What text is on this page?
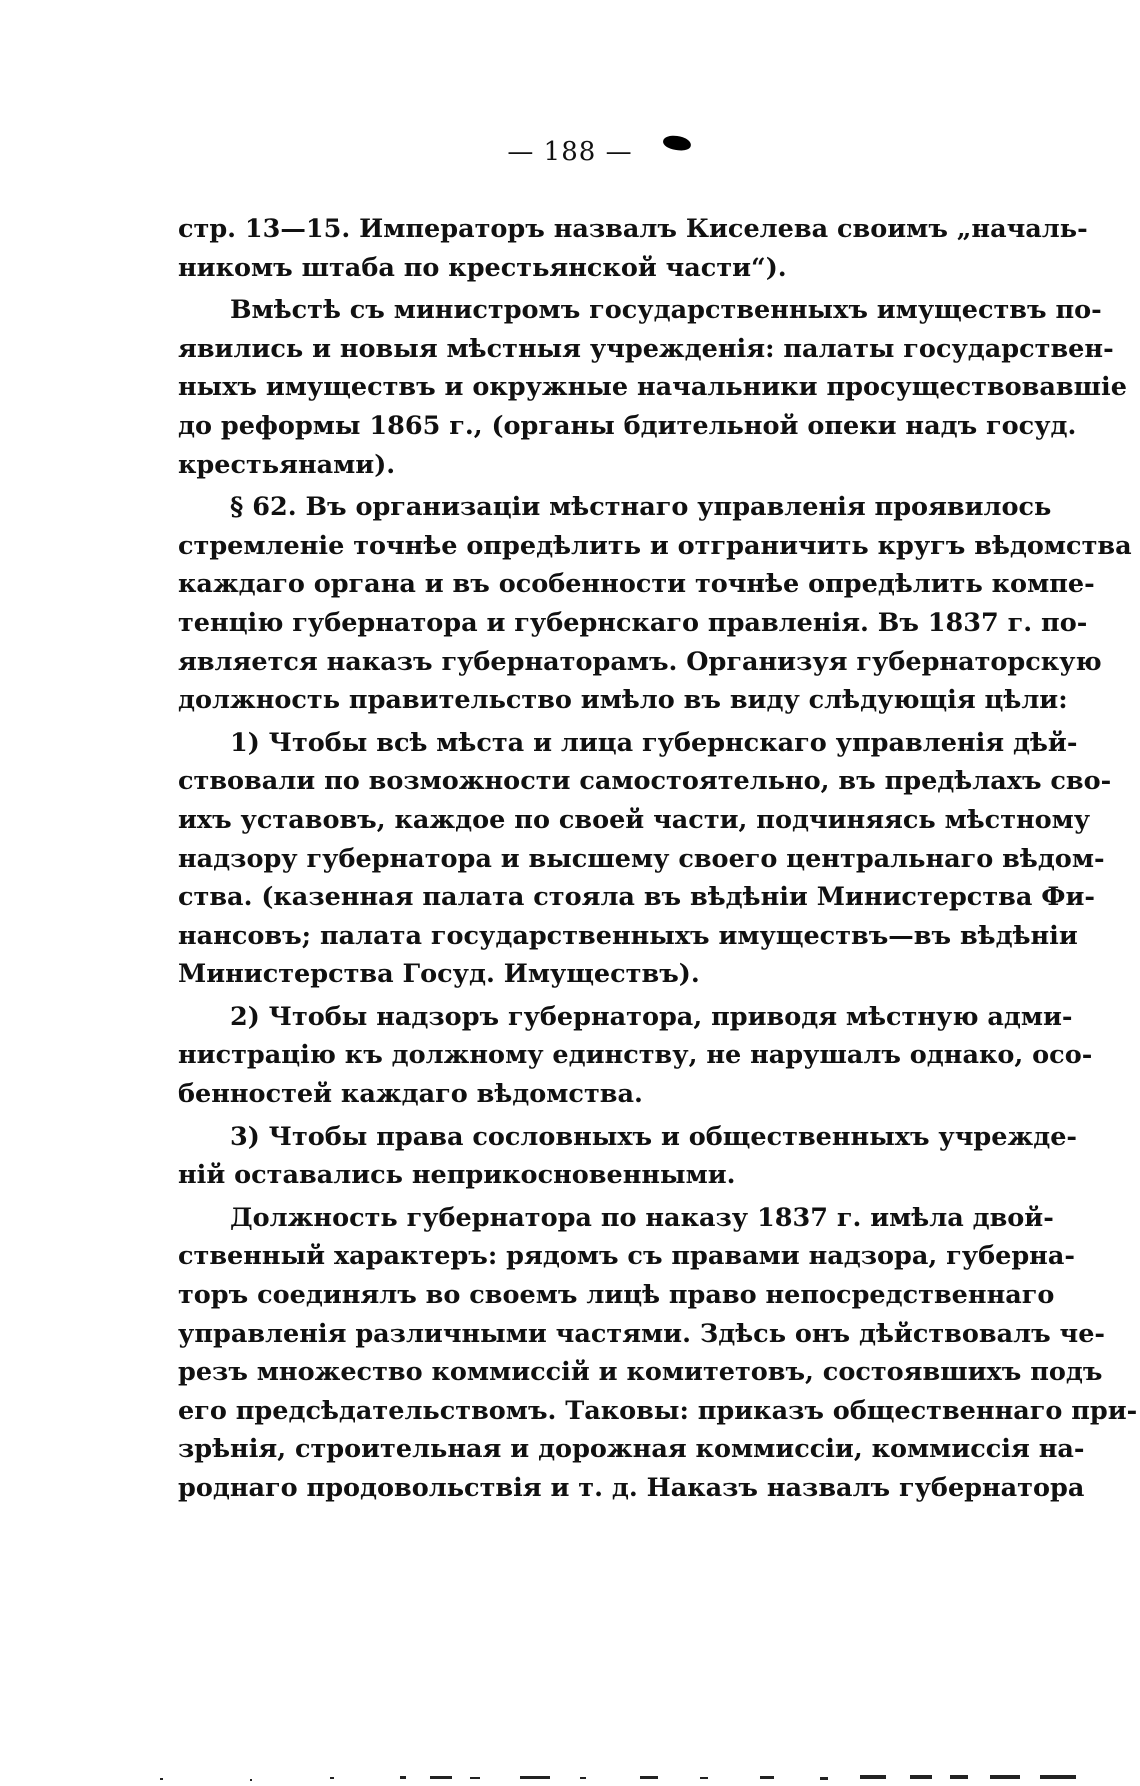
— 188 —
стр. 13—15. Императоръ назвалъ Киселева своимъ „началь-
никомъ штаба по крестьянской части“).
Вмѣстѣ съ министромъ государственныхъ имуществъ по-
явились и новыя мѣстныя учрежденія: палаты государствен-
ныхъ имуществъ и окружные начальники просуществовавшіе
до реформы 1865 г., (органы бдительной опеки надъ госуд.
крестьянами).
§ 62. Въ организаціи мѣстнаго управленія проявилось
стремленіе точнѣе опредѣлить и отграничить кругъ вѣдомства
каждаго органа и въ особенности точнѣе опредѣлить компе-
тенцію губернатора и губернскаго правленія. Въ 1837 г. по-
является наказъ губернаторамъ. Организуя губернаторскую
должность правительство имѣло въ виду слѣдующія цѣли:
1) Чтобы всѣ мѣста и лица губернскаго управленія дѣй-
ствовали по возможности самостоятельно, въ предѣлахъ сво-
ихъ уставовъ, каждое по своей части, подчиняясь мѣстному
надзору губернатора и высшему своего центральнаго вѣдом-
ства. (казенная палата стояла въ вѣдѣніи Министерства Фи-
нансовъ; палата государственныхъ имуществъ—въ вѣдѣніи
Министерства Госуд. Имуществъ).
2) Чтобы надзоръ губернатора, приводя мѣстную адми-
нистрацію къ должному единству, не нарушалъ однако, осо-
бенностей каждаго вѣдомства.
3) Чтобы права сословныхъ и общественныхъ учрежде-
ній оставались неприкосновенными.
Должность губернатора по наказу 1837 г. имѣла двой-
ственный характеръ: рядомъ съ правами надзора, губерна-
торъ соединялъ во своемъ лицѣ право непосредственнаго
управленія различными частями. Здѣсь онъ дѣйствовалъ че-
резъ множество коммиссій и комитетовъ, состоявшихъ подъ
его предсѣдательствомъ. Таковы: приказъ общественнаго при-
зрѣнія, строительная и дорожная коммиссіи, коммиссія на-
роднаго продовольствія и т. д. Наказъ назвалъ губернатора
